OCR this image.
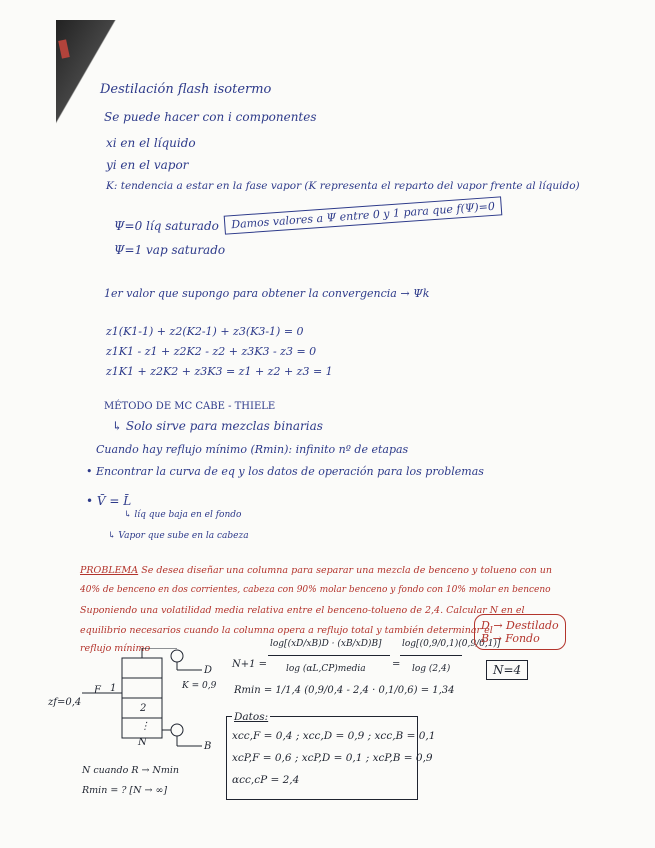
Destilación flash isotermo
Se puede hacer con i componentes
xi en el líquido
yi en el vapor
K: tendencia a estar en la fase vapor (K representa el reparto del vapor frente al líquido)
Ψ=0 líq saturado
Ψ=1 vap saturado
Damos valores a Ψ entre 0 y 1 para que f(Ψ)=0
1er valor que supongo para obtener la convergencia → Ψk
z1(K1-1) + z2(K2-1) + z3(K3-1) = 0
z1K1 - z1 + z2K2 - z2 + z3K3 - z3 = 0
z1K1 + z2K2 + z3K3 = z1 + z2 + z3 = 1
MÉTODO DE MC CABE - THIELE
↳ Solo sirve para mezclas binarias
Cuando hay reflujo mínimo (Rmin): infinito nº de etapas
• Encontrar la curva de eq y los datos de operación para los problemas
• V̄ = L̄
↳ líq que baja en el fondo
↳ Vapor que sube en la cabeza
PROBLEMA Se desea diseñar una columna para separar una mezcla de benceno y tolueno con un
40% de benceno en dos corrientes, cabeza con 90% molar benceno y fondo con 10% molar en benceno
Suponiendo una volatilidad media relativa entre el benceno-tolueno de 2,4. Calcular N en el
equilibrio necesarios cuando la columna opera a reflujo total y también determinar el
reflujo mínimo
N+1 =
log[(xD/xB)D · (xB/xD)B]
log (αL,CP)media	=
log[(0,9/0,1)(0,9/0,1)]
log (2,4)
D → Destilado
B → Fondo
N=4
Rmin = 1/1,4 (0,9/0,4 - 2,4 · 0,1/0,6) = 1,34
1
2
⋮
N
F
zf=0,4
D
K = 0,9
B
N cuando R → Nmin
Rmin = ? [N → ∞]
Datos:
xcc,F = 0,4 ; xcc,D = 0,9 ; xcc,B = 0,1
xcP,F = 0,6 ; xcP,D = 0,1 ; xcP,B = 0,9
αcc,cP = 2,4
